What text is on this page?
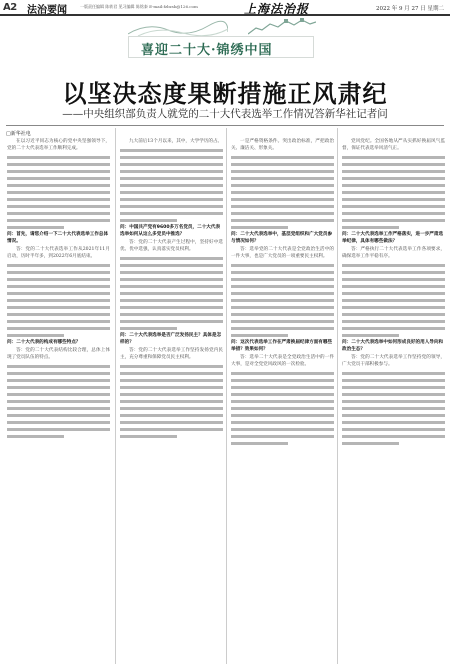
A2 法治要闻	一版责任编辑 陈轶君 见习编辑 陈铭泰 E-mail:fzbzsb@126.com	上海法治报	2022 年 9 月 27 日 星期二
喜迎二十大·锦绣中国
以坚决态度果断措施正风肃纪
——中央组织部负责人就党的二十大代表选举工作情况答新华社记者问
□新华社电
在以习近平同志为核心的党中央坚强领导下，党的二十大代表选举工作顺利完成。
问：首先，请您介绍一下二十大代表选举工作总体情况。
答：党的二十大代表选举工作从2021年11月启动，历时半年多，到2022年6月底结束。
问：二十大代表的构成有哪些特点？
答：党的二十大代表结构比较合理，总体上体现了党员队伍的特点。
九大前后13个月以来，其中，大学学历的占。
问：中国共产党有9600多万名党员，二十大代表选举如何从这么多党员中推选？
答：党的二十大代表产生过程中，坚持好中选优、优中选强，认真落实党员权利。
问：二十大代表选举是否广泛发扬民主？具体是怎样的？
答：党的二十大代表选举工作坚持发扬党内民主，充分尊重和保障党员民主权利。
一是严格资格条件。突出政治标准，严把政治关、廉洁关、形象关。
问：二十大代表选举中，基层党组织和广大党员参与情况如何？
答：选举党的二十大代表是全党政治生活中的一件大事，也是广大党员的一项重要民主权利。
问：这次代表选举工作在严肃换届纪律方面有哪些举措？效果如何？
答：选举二十大代表是全党政治生活中的一件大事，是对全党党风政风的一次检验。
党风党纪。全国各地从严从实抓好换届风气监督，保证代表选举风清气正。
问：二十大代表选举工作严格落实，进一步严肃选举纪律，具体有哪些做法？
答：严格执行二十大代表选举工作各项要求，确保选举工作平稳有序。
问：二十大代表选举中如何形成良好的用人导向和政治生态？
答：党的二十大代表选举工作坚持党的领导，广大党员干部积极参与。
